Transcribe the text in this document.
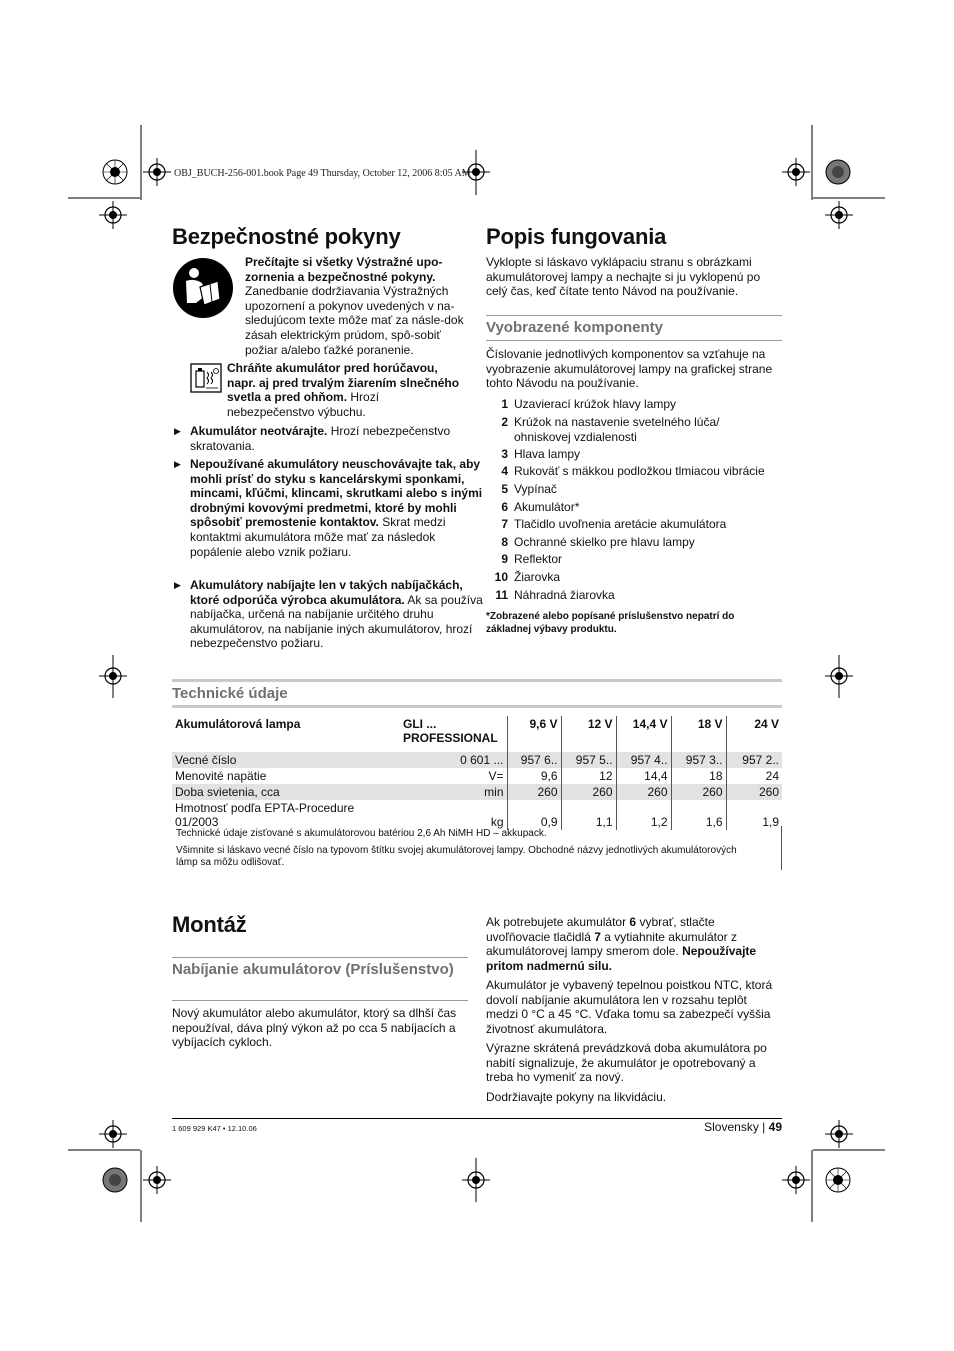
OBJ_BUCH-256-001.book Page 49 Thursday, October 12, 2006 8:05 AM
Bezpečnostné pokyny
Prečítajte si všetky Výstražné upo-zornenia a bezpečnostné pokyny. Zanedbanie dodržiavania Výstražných upozornení a pokynov uvedených v na-sledujúcom texte môže mať za násle-dok zásah elektrickým prúdom, spô-sobiť požiar a/alebo ťažké poranenie.
Chráňte akumulátor pred horúčavou, napr. aj pred trvalým žiarením slnečného svetla a pred ohňom. Hrozí nebezpečenstvo výbuchu.
▶ Akumulátor neotvárajte. Hrozí nebezpečenstvo skratovania.
▶ Nepoužívané akumulátory neuschovávajte tak, aby mohli prísť do styku s kancelárskymi sponkami, mincami, kľúčmi, klincami, skrutkami alebo s inými drobnými kovovými predmetmi, ktoré by mohli spôsobiť premostenie kontaktov. Skrat medzi kontaktmi akumulátora môže mať za následok popálenie alebo vznik požiaru.
▶ Akumulátory nabíjajte len v takých nabíjačkách, ktoré odporúča výrobca akumulátora. Ak sa používa nabíjačka, určená na nabíjanie určitého druhu akumulátorov, na nabíjanie iných akumulátorov, hrozí nebezpečenstvo požiaru.
Popis fungovania
Vyklopte si láskavo vyklápaciu stranu s obrázkami akumulátorovej lampy a nechajte si ju vyklopenú po celý čas, keď čítate tento Návod na používanie.
Vyobrazené komponenty
Číslovanie jednotlivých komponentov sa vzťahuje na vyobrazenie akumulátorovej lampy na grafickej strane tohto Návodu na používanie.
1 Uzavierací krúžok hlavy lampy
2 Krúžok na nastavenie svetelného lúča/ ohniskovej vzdialenosti
3 Hlava lampy
4 Rukoväť s mäkkou podložkou tlmiacou vibrácie
5 Vypínač
6 Akumulátor*
7 Tlačidlo uvoľnenia aretácie akumulátora
8 Ochranné skielko pre hlavu lampy
9 Reflektor
10 Žiarovka
11 Náhradná žiarovka
*Zobrazené alebo popísané príslušenstvo nepatrí do základnej výbavy produktu.
Technické údaje
Akumulátorová lampa	GLI ...
PROFESSIONAL	9,6 V	12 V	14,4 V	18 V	24 V

Vecné číslo	0 601 ...	957 6..	957 5..	957 4..	957 3..	957 2..
Menovité napätie	V=	9,6	12	14,4	18	24
Doba svietenia, cca	min	260	260	260	260	260
Hmotnosť podľa EPTA-Procedure
01/2003	kg	0,9	1,1	1,2	1,6	1,9
Technické údaje zisťované s akumulátorovou batériou 2,6 Ah NiMH HD – akkupack.
Všimnite si láskavo vecné číslo na typovom štítku svojej akumulátorovej lampy. Obchodné názvy jednotlivých akumulátorových lámp sa môžu odlišovať.
Montáž
Nabíjanie akumulátorov (Príslušenstvo)
Nový akumulátor alebo akumulátor, ktorý sa dlhší čas nepoužíval, dáva plný výkon až po cca 5 nabíjacích a vybíjacích cykloch.
Ak potrebujete akumulátor 6 vybrať, stlačte uvoľňovacie tlačidlá 7 a vytiahnite akumulátor z akumulátorovej lampy smerom dole. Nepoužívajte pritom nadmernú silu.
Akumulátor je vybavený tepelnou poistkou NTC, ktorá dovolí nabíjanie akumulátora len v rozsahu teplôt medzi 0 °C a 45 °C. Vďaka tomu sa zabezpečí vyššia životnosť akumulátora.
Výrazne skrátená prevádzková doba akumulátora po nabití signalizuje, že akumulátor je opotrebovaný a treba ho vymeniť za nový.
Dodržiavajte pokyny na likvidáciu.
1 609 929 K47 • 12.10.06	Slovensky | 49
